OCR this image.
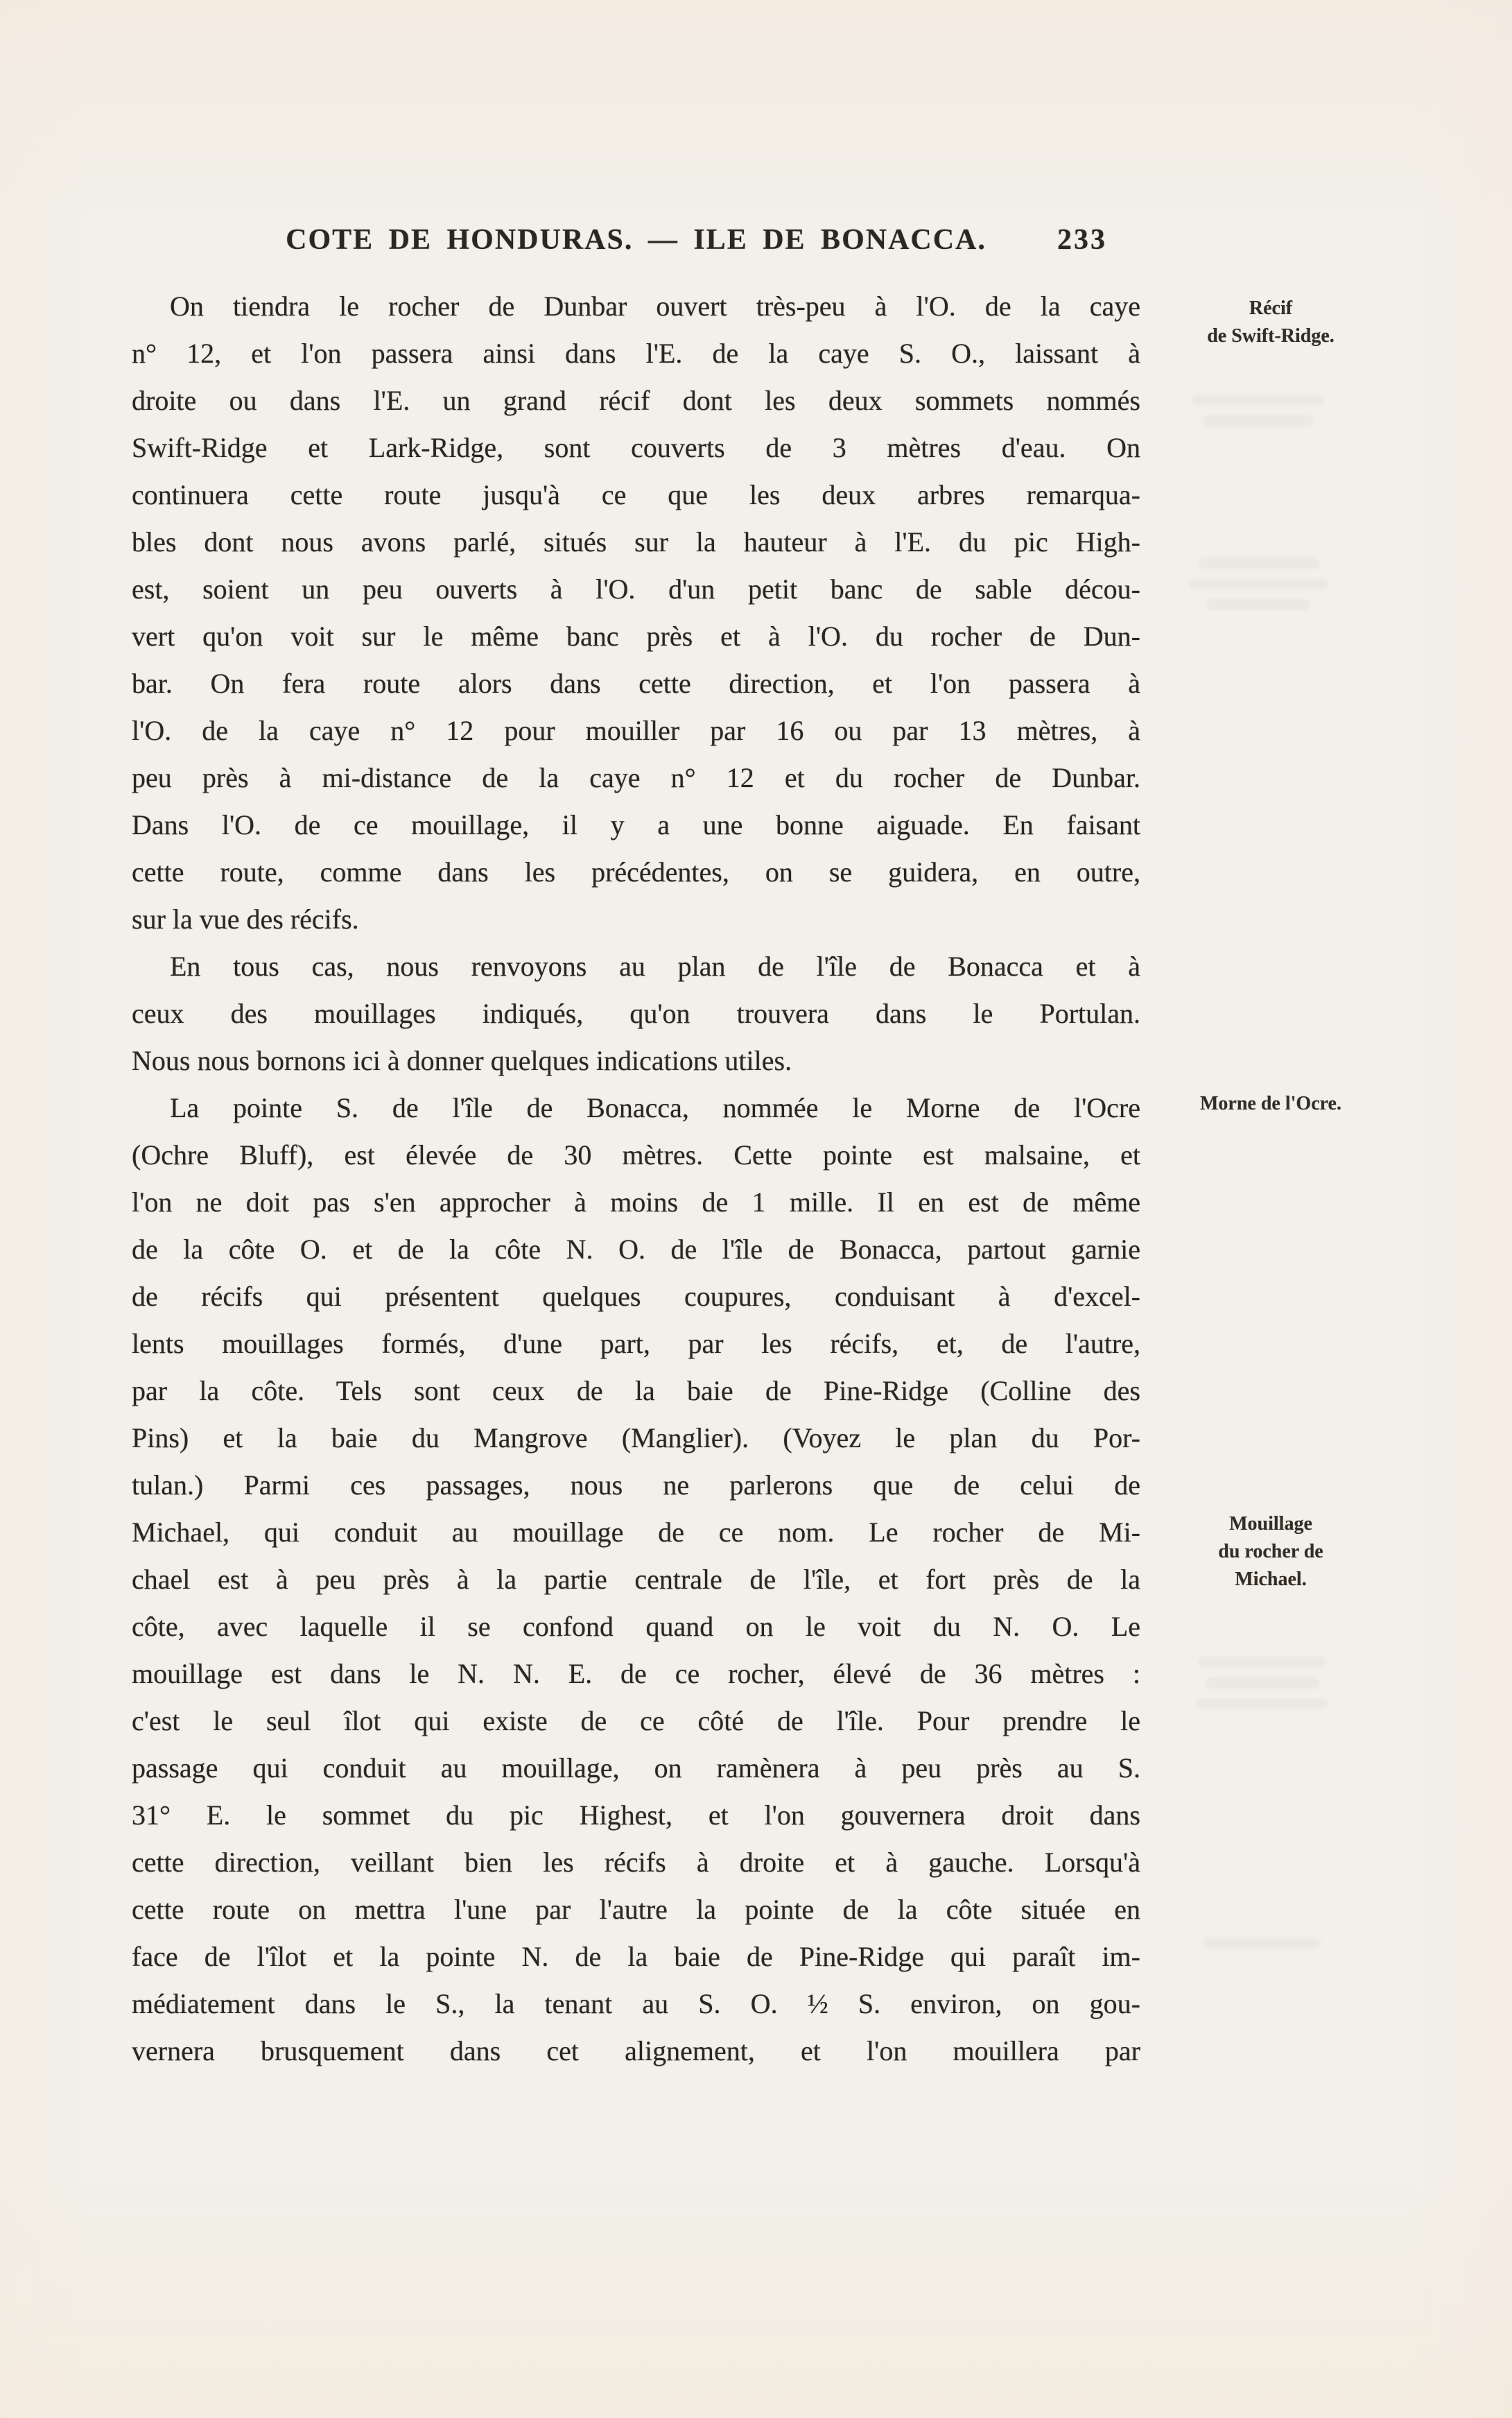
COTE DE HONDURAS. — ILE DE BONACCA. 233
On tiendra le rocher de Dunbar ouvert très-peu à l'O. de la caye
n° 12, et l'on passera ainsi dans l'E. de la caye S. O., laissant à
droite ou dans l'E. un grand récif dont les deux sommets nommés
Swift-Ridge et Lark-Ridge, sont couverts de 3 mètres d'eau. On
continuera cette route jusqu'à ce que les deux arbres remarqua-
bles dont nous avons parlé, situés sur la hauteur à l'E. du pic High-
est, soient un peu ouverts à l'O. d'un petit banc de sable décou-
vert qu'on voit sur le même banc près et à l'O. du rocher de Dun-
bar. On fera route alors dans cette direction, et l'on passera à
l'O. de la caye n° 12 pour mouiller par 16 ou par 13 mètres, à
peu près à mi-distance de la caye n° 12 et du rocher de Dunbar.
Dans l'O. de ce mouillage, il y a une bonne aiguade. En faisant
cette route, comme dans les précédentes, on se guidera, en outre,
sur la vue des récifs.
En tous cas, nous renvoyons au plan de l'île de Bonacca et à
ceux des mouillages indiqués, qu'on trouvera dans le Portulan.
Nous nous bornons ici à donner quelques indications utiles.
La pointe S. de l'île de Bonacca, nommée le Morne de l'Ocre
(Ochre Bluff), est élevée de 30 mètres. Cette pointe est malsaine, et
l'on ne doit pas s'en approcher à moins de 1 mille. Il en est de même
de la côte O. et de la côte N. O. de l'île de Bonacca, partout garnie
de récifs qui présentent quelques coupures, conduisant à d'excel-
lents mouillages formés, d'une part, par les récifs, et, de l'autre,
par la côte. Tels sont ceux de la baie de Pine-Ridge (Colline des
Pins) et la baie du Mangrove (Manglier). (Voyez le plan du Por-
tulan.) Parmi ces passages, nous ne parlerons que de celui de
Michael, qui conduit au mouillage de ce nom. Le rocher de Mi-
chael est à peu près à la partie centrale de l'île, et fort près de la
côte, avec laquelle il se confond quand on le voit du N. O. Le
mouillage est dans le N. N. E. de ce rocher, élevé de 36 mètres :
c'est le seul îlot qui existe de ce côté de l'île. Pour prendre le
passage qui conduit au mouillage, on ramènera à peu près au S.
31° E. le sommet du pic Highest, et l'on gouvernera droit dans
cette direction, veillant bien les récifs à droite et à gauche. Lorsqu'à
cette route on mettra l'une par l'autre la pointe de la côte située en
face de l'îlot et la pointe N. de la baie de Pine-Ridge qui paraît im-
médiatement dans le S., la tenant au S. O. ½ S. environ, on gou-
vernera brusquement dans cet alignement, et l'on mouillera par
Récif
de Swift-Ridge.
Morne de l'Ocre.
Mouillage
du rocher de
Michael.
